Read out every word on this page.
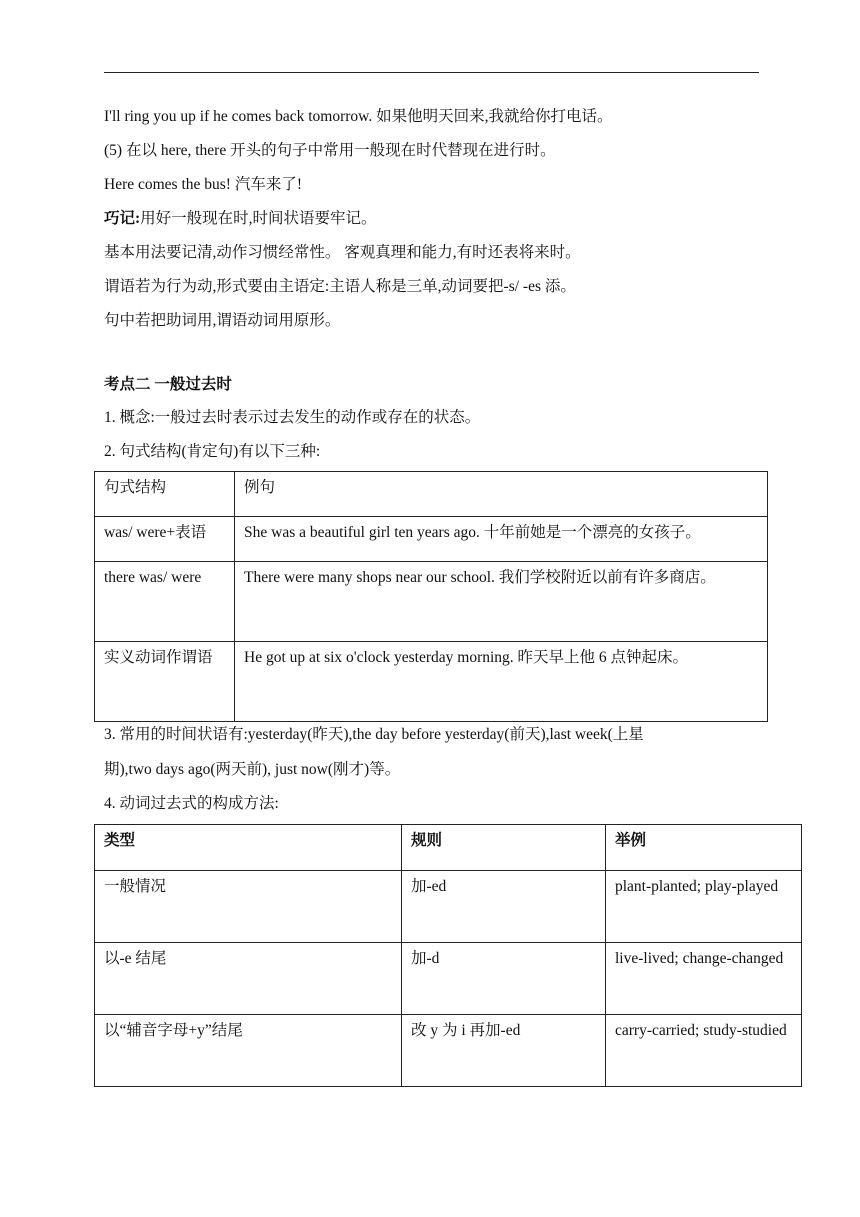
I'll ring you up if he comes back tomorrow. 如果他明天回来,我就给你打电话。
(5) 在以 here, there 开头的句子中常用一般现在时代替现在进行时。
Here comes the bus! 汽车来了!
巧记:用好一般现在时,时间状语要牢记。
基本用法要记清,动作习惯经常性。 客观真理和能力,有时还表将来时。
谓语若为行为动,形式要由主语定:主语人称是三单,动词要把-s/ -es 添。
句中若把助词用,谓语动词用原形。
考点二 一般过去时
1. 概念:一般过去时表示过去发生的动作或存在的状态。
2. 句式结构(肯定句)有以下三种:
句式结构	例句
was/ were+表语	She was a beautiful girl ten years ago. 十年前她是一个漂亮的女孩子。
there was/ were	There were many shops near our school. 我们学校附近以前有许多商店。
实义动词作谓语	He got up at six o'clock yesterday morning. 昨天早上他 6 点钟起床。
3. 常用的时间状语有:yesterday(昨天),the day before yesterday(前天),last week(上星
期),two days ago(两天前), just now(刚才)等。
4. 动词过去式的构成方法:
类型	规则	举例
一般情况	加-ed	plant-planted; play-played
以-e 结尾	加-d	live-lived; change-changed
以“辅音字母+y”结尾	改 y 为 i 再加-ed	carry-carried; study-studied
